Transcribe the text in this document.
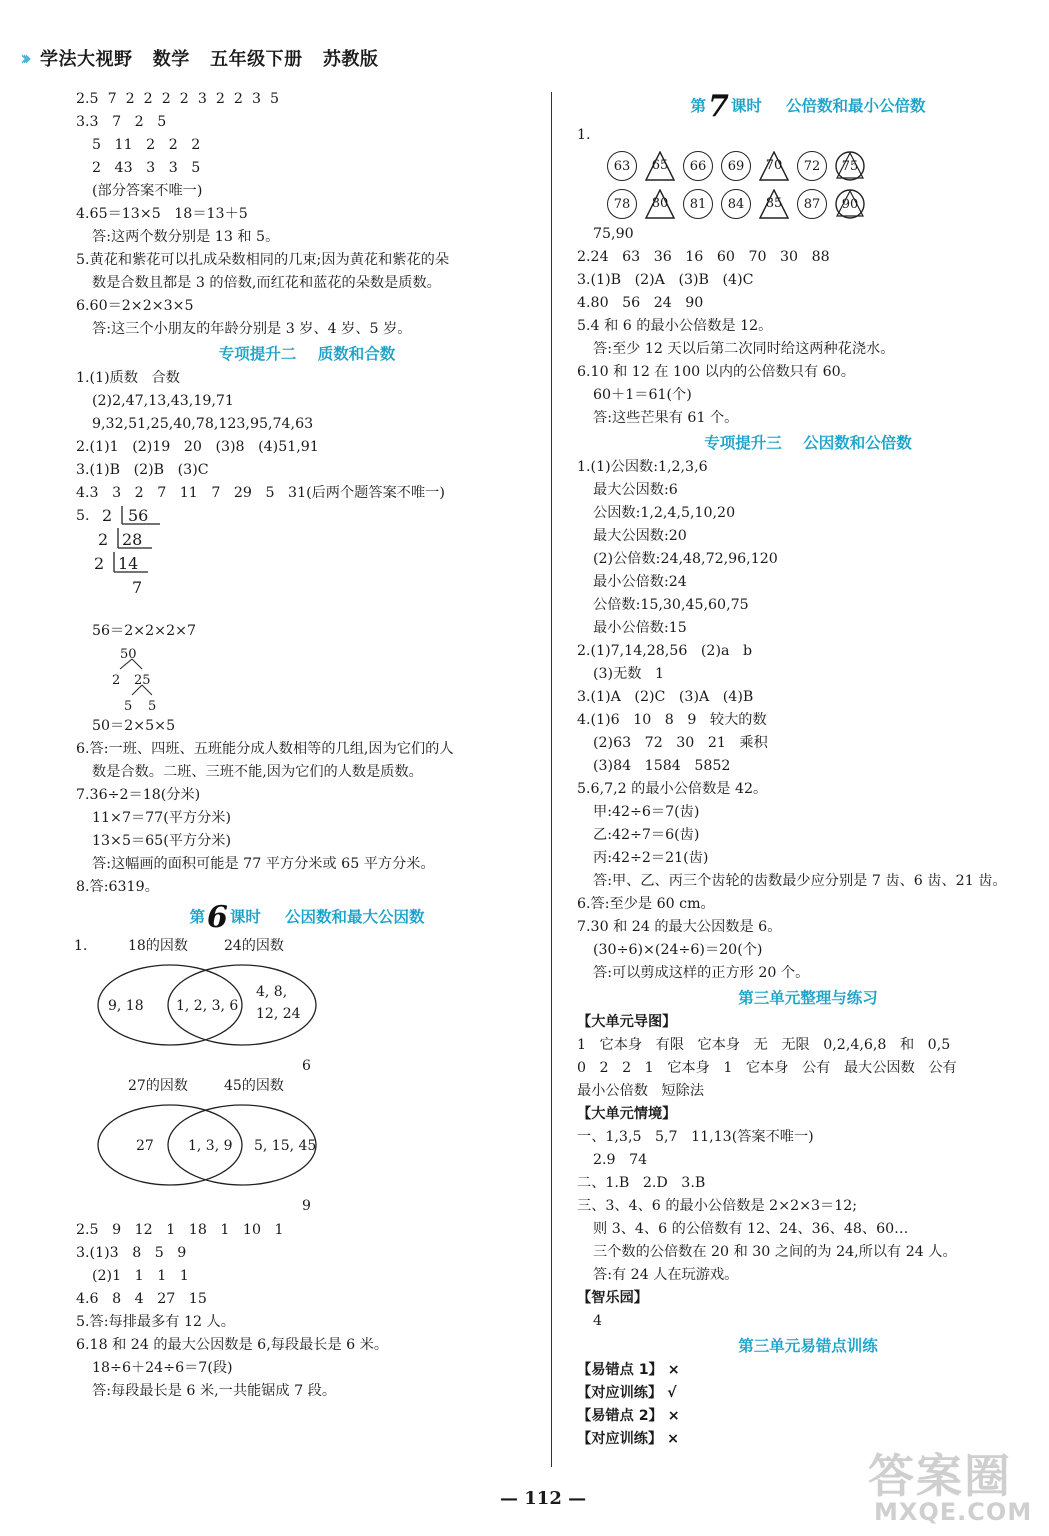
››› 学法大视野   数学   五年级下册   苏教版
2.5  7  2  2  2  2  3  2  2  3  5
3.3   7   2   5
5   11   2   2   2
2   43   3   3   5
(部分答案不唯一)
4.65＝13×5   18＝13＋5
答:这两个数分别是 13 和 5。
5.黄花和紫花可以扎成朵数相同的几束;因为黄花和紫花的朵
数是合数且都是 3 的倍数,而红花和蓝花的朵数是质数。
6.60＝2×2×3×5
答:这三个小朋友的年龄分别是 3 岁、4 岁、5 岁。
专项提升二    质数和合数
1.(1)质数   合数
(2)2,47,13,43,19,71
9,32,51,25,40,78,123,95,74,63
2.(1)1   (2)19   20   (3)8   (4)51,91
3.(1)B   (2)B   (3)C
4.3   3   2   7   11   7   29   5   31(后两个题答案不唯一)
5. 2 56
2 28
2 14
7
56＝2×2×2×7
50
2 25
5 5
50＝2×5×5
6.答:一班、四班、五班能分成人数相等的几组,因为它们的人
数是合数。二班、三班不能,因为它们的人数是质数。
7.36÷2＝18(分米)
11×7＝77(平方分米)
13×5＝65(平方分米)
答:这幅画的面积可能是 77 平方分米或 65 平方分米。
8.答:6319。
第 6 课时 公因数和最大公因数
1.	18的因数	24的因数
9, 18 1, 2, 3, 6
4, 8,
12, 24
6
27的因数	45的因数
27 1, 3, 9 5, 15, 45
9
2.5   9   12   1   18   1   10   1
3.(1)3   8   5   9
(2)1   1   1   1
4.6   8   4   27   15
5.答:每排最多有 12 人。
6.18 和 24 的最大公因数是 6,每段最长是 6 米。
18÷6＋24÷6＝7(段)
答:每段最长是 6 米,一共能锯成 7 段。
第 7 课时 公倍数和最小公倍数
1.
63 65 66 69 70 72 75
78 80 81 84 85 87 90
75,90
2.24   63   36   16   60   70   30   88
3.(1)B   (2)A   (3)B   (4)C
4.80   56   24   90
5.4 和 6 的最小公倍数是 12。
答:至少 12 天以后第二次同时给这两种花浇水。
6.10 和 12 在 100 以内的公倍数只有 60。
60＋1＝61(个)
答:这些芒果有 61 个。
专项提升三    公因数和公倍数
1.(1)公因数:1,2,3,6
最大公因数:6
公因数:1,2,4,5,10,20
最大公因数:20
(2)公倍数:24,48,72,96,120
最小公倍数:24
公倍数:15,30,45,60,75
最小公倍数:15
2.(1)7,14,28,56   (2)a   b
(3)无数   1
3.(1)A   (2)C   (3)A   (4)B
4.(1)6   10   8   9   较大的数
(2)63   72   30   21   乘积
(3)84   1584   5852
5.6,7,2 的最小公倍数是 42。
甲:42÷6＝7(齿)
乙:42÷7＝6(齿)
丙:42÷2＝21(齿)
答:甲、乙、丙三个齿轮的齿数最少应分别是 7 齿、6 齿、21 齿。
6.答:至少是 60 cm。
7.30 和 24 的最大公因数是 6。
(30÷6)×(24÷6)＝20(个)
答:可以剪成这样的正方形 20 个。
第三单元整理与练习
【大单元导图】
1   它本身   有限   它本身   无   无限   0,2,4,6,8   和   0,5
0   2   2   1   它本身   1   它本身   公有   最大公因数   公有
最小公倍数   短除法
【大单元情境】
一、1,3,5   5,7   11,13(答案不唯一)
2.9   74
二、1.B   2.D   3.B
三、3、4、6 的最小公倍数是 2×2×3＝12;
则 3、4、6 的公倍数有 12、24、36、48、60…
三个数的公倍数在 20 和 30 之间的为 24,所以有 24 人。
答:有 24 人在玩游戏。
【智乐园】
4
第三单元易错点训练
【易错点 1】 ×
【对应训练】 √
【易错点 2】 ×
【对应训练】 ×
— 112 —	答案圈
MXQE.COM
